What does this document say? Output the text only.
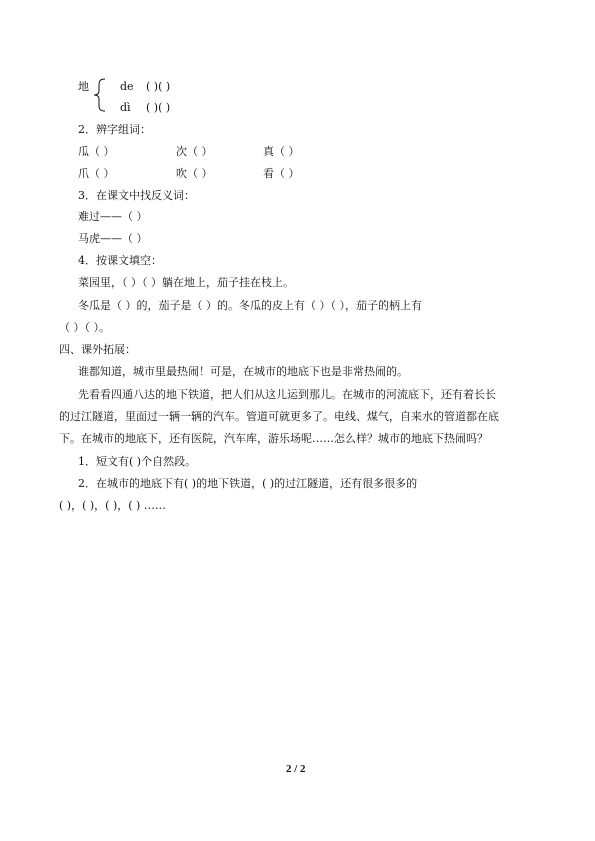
地	de ( )( )
dì ( )( )
2．辨字组词：
瓜（ ）	次（ ）	真（ ）
爪（ ）	吹（ ）	看（ ）
3．在课文中找反义词：
难过——（ ）
马虎——（ ）
4．按课文填空：
菜园里，（ ）（ ）躺在地上，茄子挂在枝上。
冬瓜是（ ）的，茄子是（ ）的。冬瓜的皮上有（ ）（ ），茄子的柄上有
（ ）（ ）。
四、课外拓展：
谁都知道，城市里最热闹！可是，在城市的地底下也是非常热闹的。
先看看四通八达的地下铁道，把人们从这儿运到那儿。在城市的河流底下，还有着长长
的过江隧道，里面过一辆一辆的汽车。管道可就更多了。电线、煤气，自来水的管道都在底
下。在城市的地底下，还有医院，汽车库，游乐场呢……怎么样？城市的地底下热闹吗？
1．短文有( )个自然段。
2．在城市的地底下有( )的地下铁道，( )的过江隧道，还有很多很多的
( )，( )，( )，( ) ……
2 / 2
